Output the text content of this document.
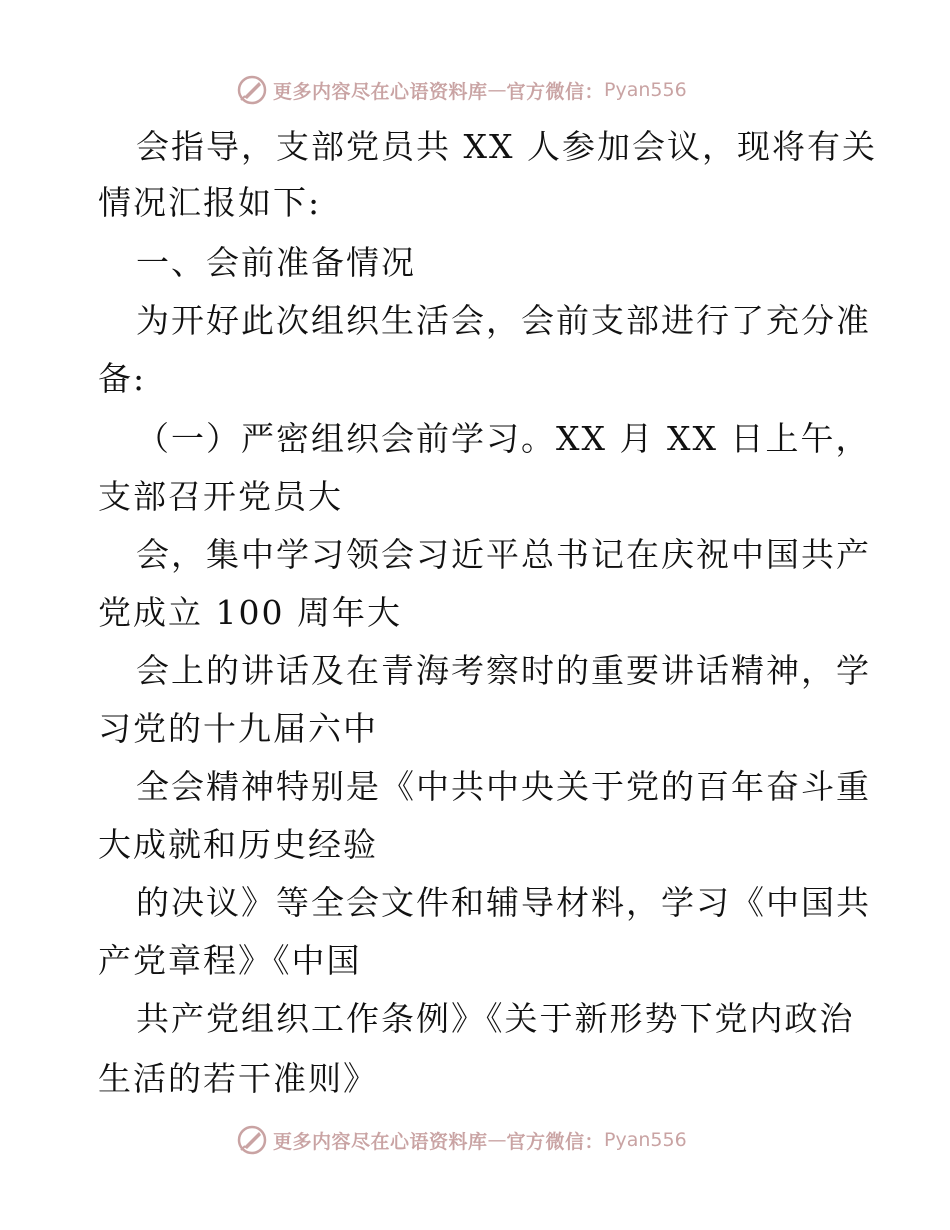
更多内容尽在心语资料库 — 官方微信： Pyan556
会指导，支部党员共 XX 人参加会议，现将有关
情况汇报如下:
一、会前准备情况
为开好此次组织生活会，会前支部进行了充分准
备:
（一）严密组织会前学习。XX 月 XX 日上午，
支部召开党员大
会，集中学习领会习近平总书记在庆祝中国共产
党成立 100 周年大
会上的讲话及在青海考察时的重要讲话精神，学
习党的十九届六中
全会精神特别是《中共中央关于党的百年奋斗重
大成就和历史经验
的决议》等全会文件和辅导材料，学习《中国共
产党章程》《中国
共产党组织工作条例》《关于新形势下党内政治
生活的若干准则》
更多内容尽在心语资料库 — 官方微信： Pyan556
